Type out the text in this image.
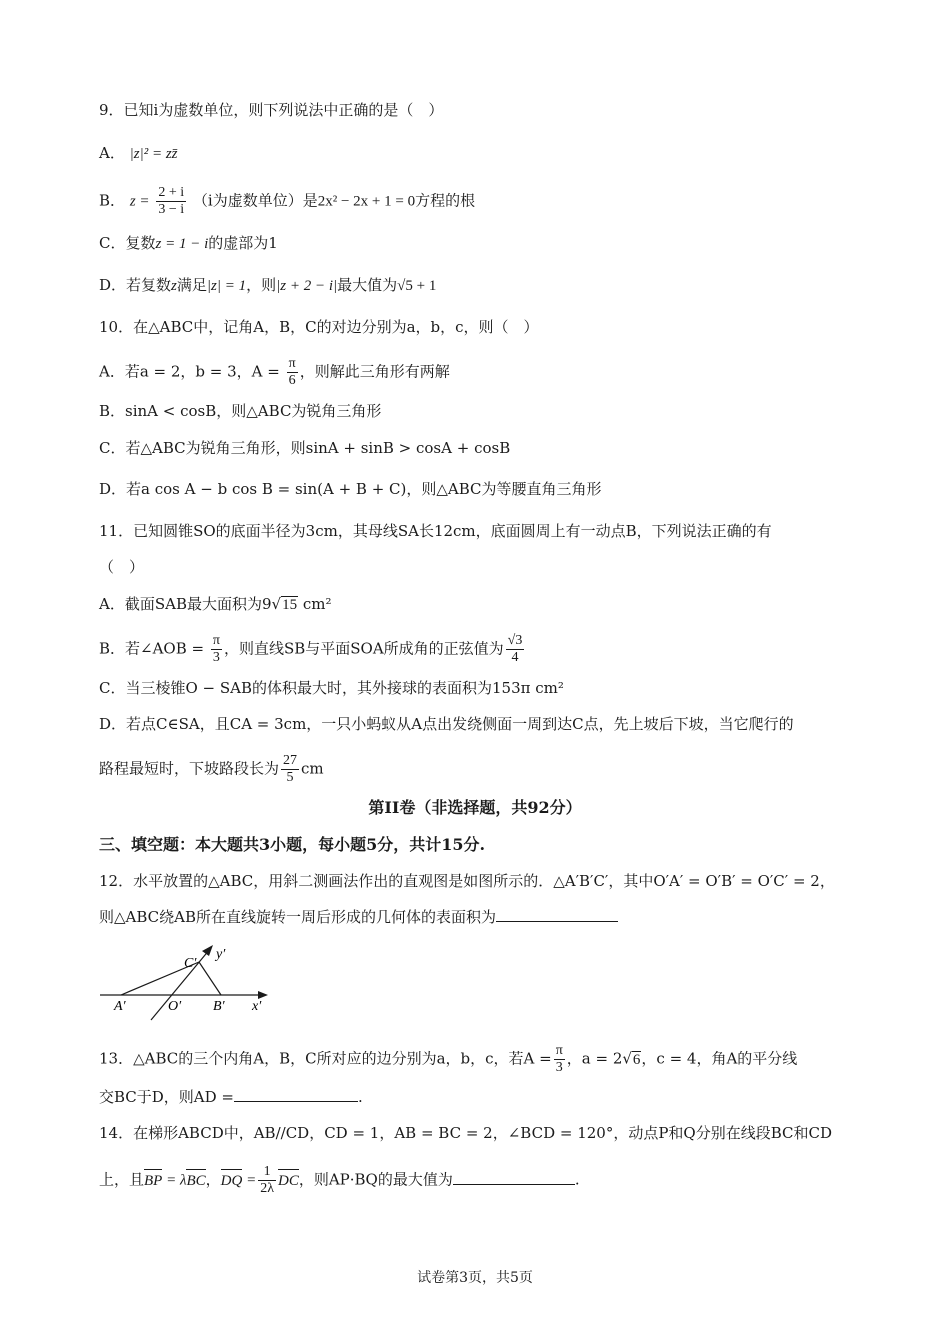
9．已知i为虚数单位，则下列说法中正确的是（　）
A． |z|² = zz̄
B． $z = \frac{2 + i}{3 - i} (i$为虚数单位）是2x² − 2x + 1 = 0方程的根
C．复数z = 1 − i的虚部为1
D．若复数z满足|z| = 1，则|z + 2 − i|最大值为√5 + 1
10．在△ABC中，记角A，B，C的对边分别为a，b，c，则（　）
A．若a = 2，b = 3，$A = \frac{\pi}{6}$ ，则解此三角形有两解
B．sinA < cosB，则△ABC为锐角三角形
C．若△ABC为锐角三角形，则sinA + sinB > cosA + cosB
D．若a cos A − b cos B = sin(A + B + C)，则△ABC为等腰直角三角形
11．已知圆锥SO的底面半径为3cm，其母线SA长12cm，底面圆周上有一动点B，下列说法正确的有
（　）
A．截面SAB最大面积为9√15 cm²
B．若∠AOB = $\frac{\pi}{3}$ ，则直线SB与平面SOA所成角的正弦值为 $\frac{√3}{4}$
C．当三棱锥O − SAB的体积最大时，其外接球的表面积为153π cm²
D．若点C∈SA，且CA = 3cm，一只小蚂蚁从A点出发绕侧面一周到达C点，先上坡后下坡，当它爬行的
路程最短时，下坡路段长为 $\frac{27}{5}$ cm
第II卷（非选择题，共92分）
三、填空题：本大题共3小题，每小题5分，共计15分.
12．水平放置的△ABC，用斜二测画法作出的直观图是如图所示的．△A′B′C′，其中O′A′ = O′B′ = O′C′ = 2，
则△ABC绕AB所在直线旋转一周后形成的几何体的表面积为
C′
y′
A′	O′ B′ x′
13．△ABC的三个内角A，B，C所对应的边分别为a，b，c，若$A = \frac{\pi}{3}$ ，a = 2√6，c = 4，角A的平分线
交BC于D，则AD =	.
14．在梯形ABCD中，AB//CD，CD = 1，AB = BC = 2，∠BCD = 120°，动点P和Q分别在线段BC和CD
上，且BP = λBC，DQ = $\frac{1}{2\lambda}$ DC，则AP·BQ的最大值为	.
试卷第3页，共5页
